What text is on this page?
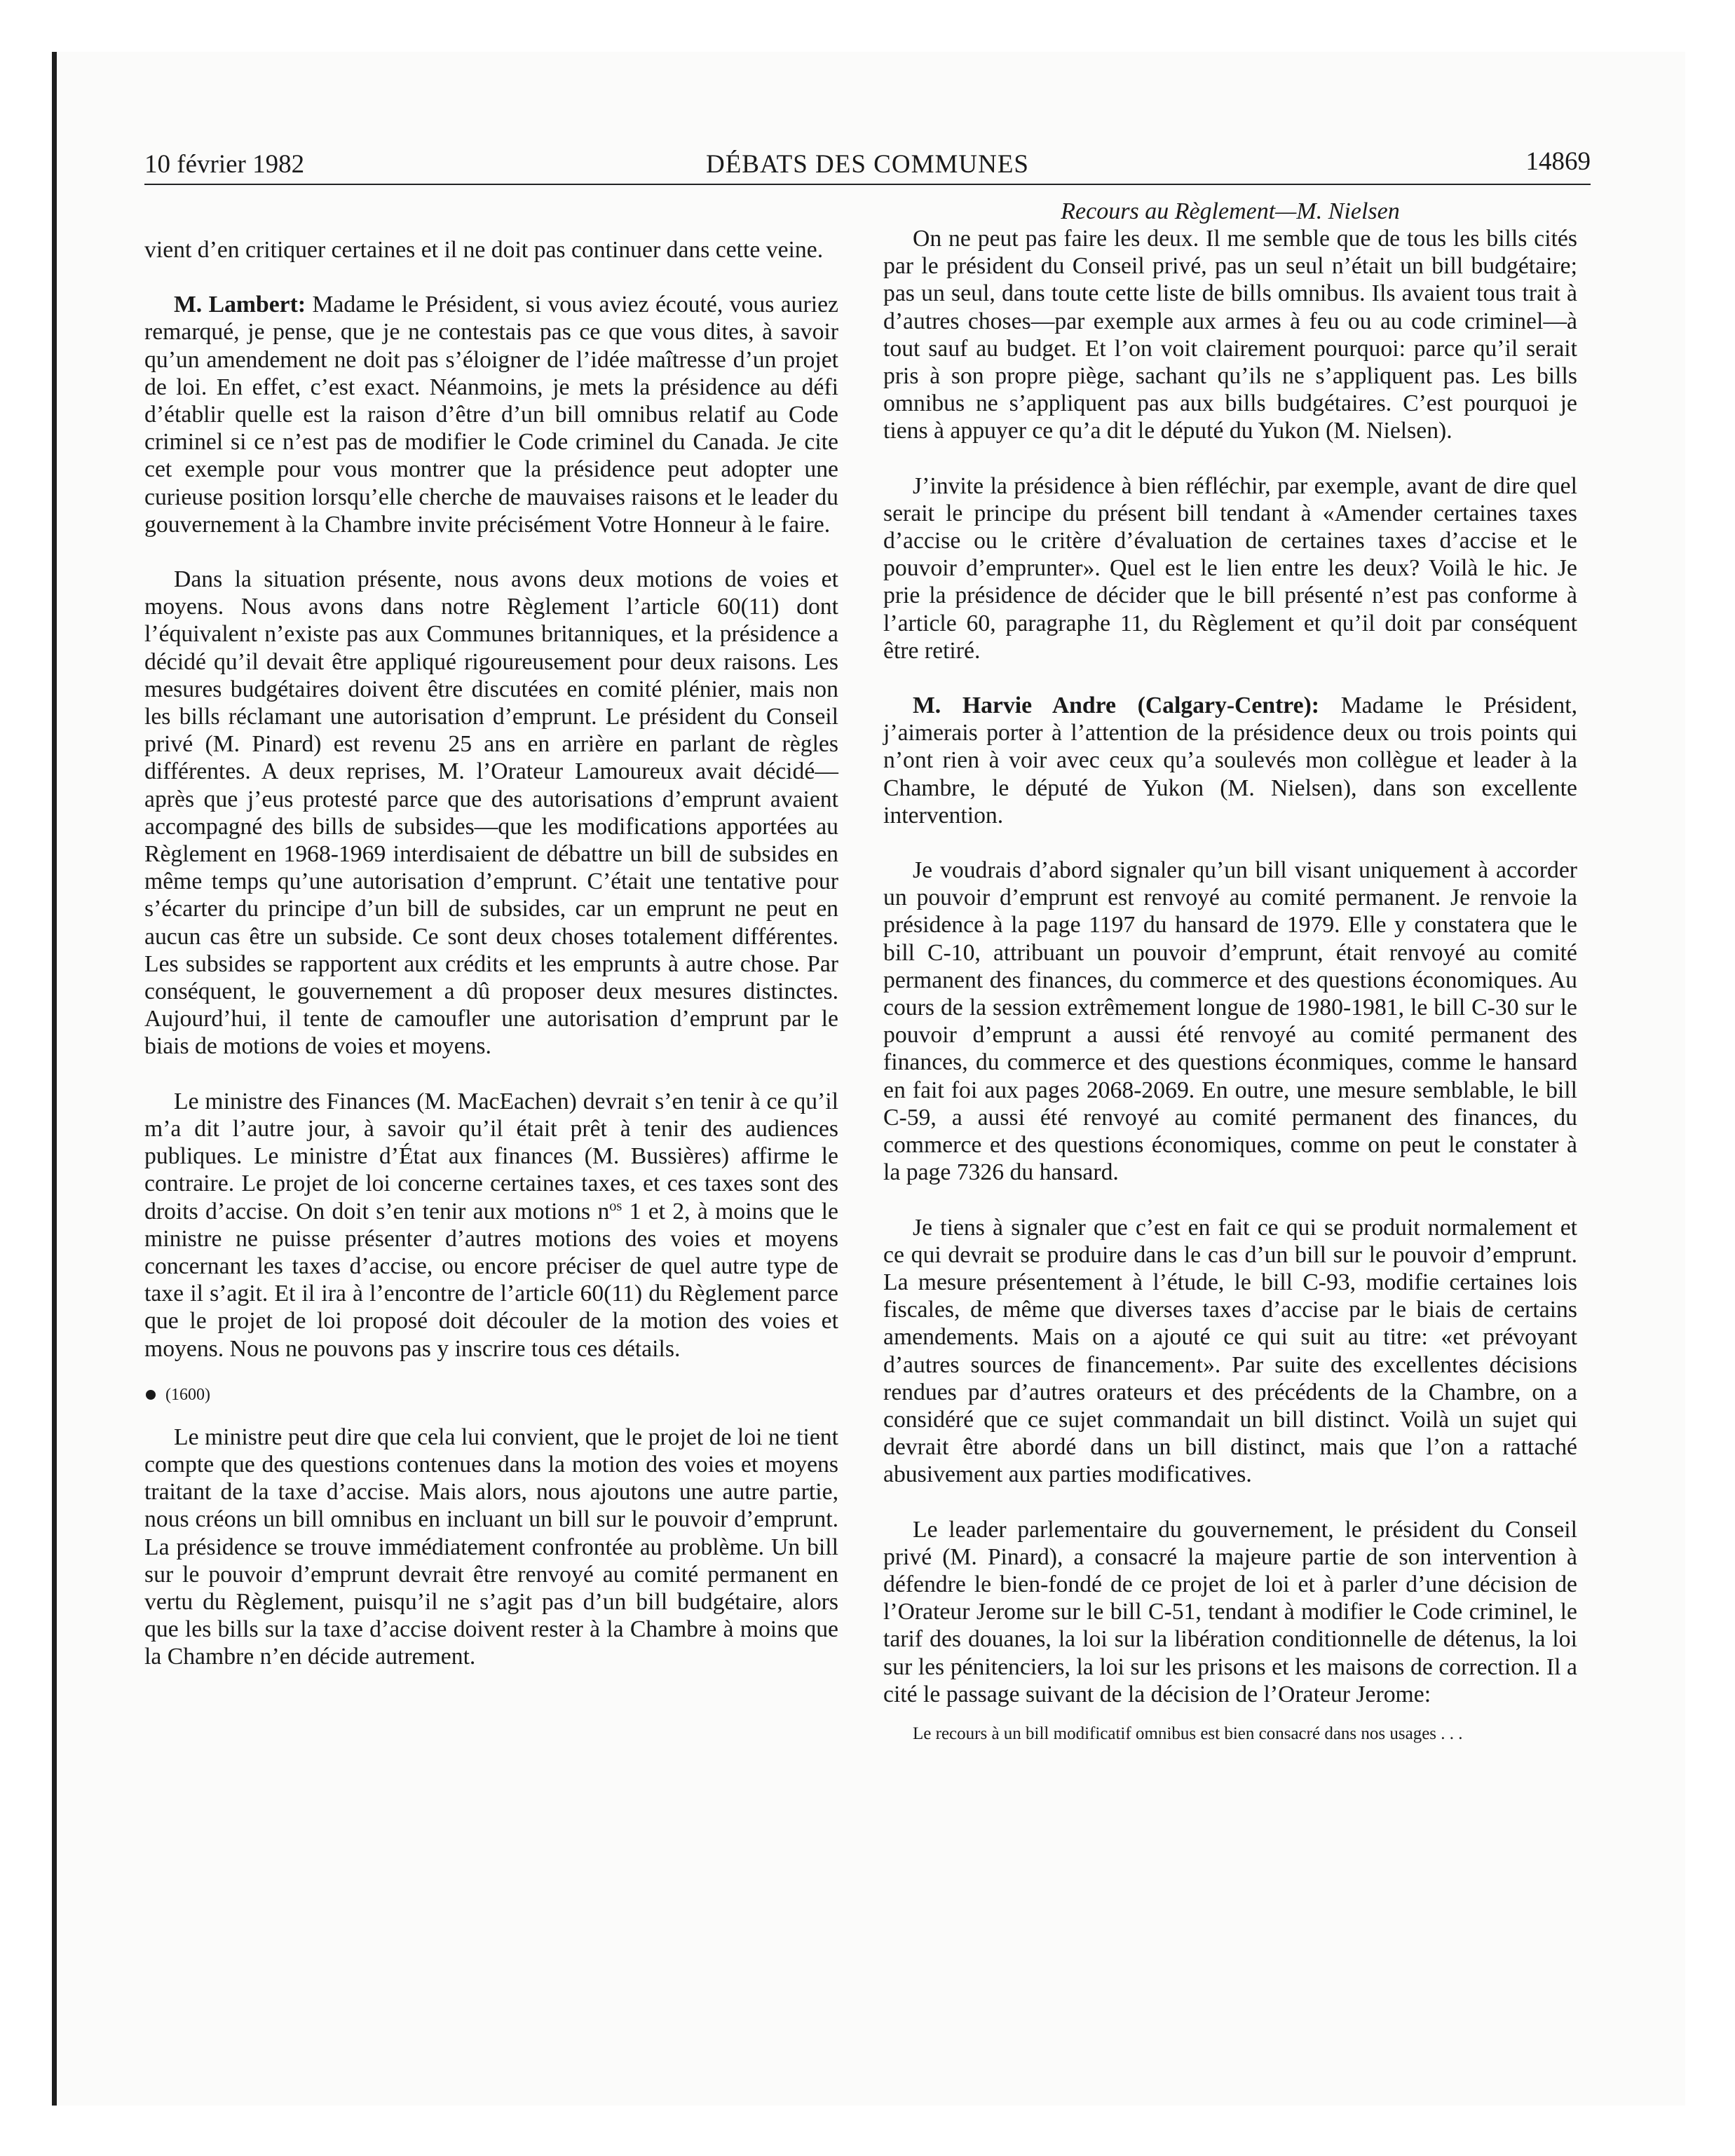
10 février 1982	DÉBATS DES COMMUNES	14869

vient d’en critiquer certaines et il ne doit pas continuer dans cette veine.

M. Lambert: Madame le Président, si vous aviez écouté, vous auriez remarqué, je pense, que je ne contestais pas ce que vous dites, à savoir qu’un amendement ne doit pas s’éloigner de l’idée maîtresse d’un projet de loi. En effet, c’est exact. Néanmoins, je mets la présidence au défi d’établir quelle est la raison d’être d’un bill omnibus relatif au Code criminel si ce n’est pas de modifier le Code criminel du Canada. Je cite cet exemple pour vous montrer que la présidence peut adopter une curieuse position lorsqu’elle cherche de mauvaises raisons et le leader du gouvernement à la Chambre invite précisément Votre Honneur à le faire.

Dans la situation présente, nous avons deux motions de voies et moyens. Nous avons dans notre Règlement l’article 60(11) dont l’équivalent n’existe pas aux Communes britanniques, et la présidence a décidé qu’il devait être appliqué rigoureusement pour deux raisons. Les mesures budgétaires doivent être discutées en comité plénier, mais non les bills réclamant une autorisation d’emprunt. Le président du Conseil privé (M. Pinard) est revenu 25 ans en arrière en parlant de règles différentes. A deux reprises, M. l’Orateur Lamoureux avait décidé—après que j’eus protesté parce que des autorisations d’emprunt avaient accompagné des bills de subsides—que les modifications apportées au Règlement en 1968-1969 interdisaient de débattre un bill de subsides en même temps qu’une autorisation d’emprunt. C’était une tentative pour s’écarter du principe d’un bill de subsides, car un emprunt ne peut en aucun cas être un subside. Ce sont deux choses totalement différentes. Les subsides se rapportent aux crédits et les emprunts à autre chose. Par conséquent, le gouvernement a dû proposer deux mesures distinctes. Aujourd’hui, il tente de camoufler une autorisation d’emprunt par le biais de motions de voies et moyens.

Le ministre des Finances (M. MacEachen) devrait s’en tenir à ce qu’il m’a dit l’autre jour, à savoir qu’il était prêt à tenir des audiences publiques. Le ministre d’État aux finances (M. Bussières) affirme le contraire. Le projet de loi concerne certaines taxes, et ces taxes sont des droits d’accise. On doit s’en tenir aux motions $n^{os}$ 1 et 2, à moins que le ministre ne puisse présenter d’autres motions des voies et moyens concernant les taxes d’accise, ou encore préciser de quel autre type de taxe il s’agit. Et il ira à l’encontre de l’article 60(11) du Règlement parce que le projet de loi proposé doit découler de la motion des voies et moyens. Nous ne pouvons pas y inscrire tous ces détails.

(1600)

Le ministre peut dire que cela lui convient, que le projet de loi ne tient compte que des questions contenues dans la motion des voies et moyens traitant de la taxe d’accise. Mais alors, nous ajoutons une autre partie, nous créons un bill omnibus en incluant un bill sur le pouvoir d’emprunt. La présidence se trouve immédiatement confrontée au problème. Un bill sur le pouvoir d’emprunt devrait être renvoyé au comité permanent en vertu du Règlement, puisqu’il ne s’agit pas d’un bill budgétaire, alors que les bills sur la taxe d’accise doivent rester à la Chambre à moins que la Chambre n’en décide autrement.

Recours au Règlement—M. Nielsen

On ne peut pas faire les deux. Il me semble que de tous les bills cités par le président du Conseil privé, pas un seul n’était un bill budgétaire; pas un seul, dans toute cette liste de bills omnibus. Ils avaient tous trait à d’autres choses—par exemple aux armes à feu ou au code criminel—à tout sauf au budget. Et l’on voit clairement pourquoi: parce qu’il serait pris à son propre piège, sachant qu’ils ne s’appliquent pas. Les bills omnibus ne s’appliquent pas aux bills budgétaires. C’est pourquoi je tiens à appuyer ce qu’a dit le député du Yukon (M. Nielsen).

J’invite la présidence à bien réfléchir, par exemple, avant de dire quel serait le principe du présent bill tendant à «Amender certaines taxes d’accise ou le critère d’évaluation de certaines taxes d’accise et le pouvoir d’emprunter». Quel est le lien entre les deux? Voilà le hic. Je prie la présidence de décider que le bill présenté n’est pas conforme à l’article 60, paragraphe 11, du Règlement et qu’il doit par conséquent être retiré.

M. Harvie Andre (Calgary-Centre): Madame le Président, j’aimerais porter à l’attention de la présidence deux ou trois points qui n’ont rien à voir avec ceux qu’a soulevés mon collègue et leader à la Chambre, le député de Yukon (M. Nielsen), dans son excellente intervention.

Je voudrais d’abord signaler qu’un bill visant uniquement à accorder un pouvoir d’emprunt est renvoyé au comité permanent. Je renvoie la présidence à la page 1197 du hansard de 1979. Elle y constatera que le bill C-10, attribuant un pouvoir d’emprunt, était renvoyé au comité permanent des finances, du commerce et des questions économiques. Au cours de la session extrêmement longue de 1980-1981, le bill C-30 sur le pouvoir d’emprunt a aussi été renvoyé au comité permanent des finances, du commerce et des questions éconmiques, comme le hansard en fait foi aux pages 2068-2069. En outre, une mesure semblable, le bill C-59, a aussi été renvoyé au comité permanent des finances, du commerce et des questions économiques, comme on peut le constater à la page 7326 du hansard.

Je tiens à signaler que c’est en fait ce qui se produit normalement et ce qui devrait se produire dans le cas d’un bill sur le pouvoir d’emprunt. La mesure présentement à l’étude, le bill C-93, modifie certaines lois fiscales, de même que diverses taxes d’accise par le biais de certains amendements. Mais on a ajouté ce qui suit au titre: «et prévoyant d’autres sources de financement». Par suite des excellentes décisions rendues par d’autres orateurs et des précédents de la Chambre, on a considéré que ce sujet commandait un bill distinct. Voilà un sujet qui devrait être abordé dans un bill distinct, mais que l’on a rattaché abusivement aux parties modificatives.

Le leader parlementaire du gouvernement, le président du Conseil privé (M. Pinard), a consacré la majeure partie de son intervention à défendre le bien-fondé de ce projet de loi et à parler d’une décision de l’Orateur Jerome sur le bill C-51, tendant à modifier le Code criminel, le tarif des douanes, la loi sur la libération conditionnelle de détenus, la loi sur les pénitenciers, la loi sur les prisons et les maisons de correction. Il a cité le passage suivant de la décision de l’Orateur Jerome:

Le recours à un bill modificatif omnibus est bien consacré dans nos usages . . .
